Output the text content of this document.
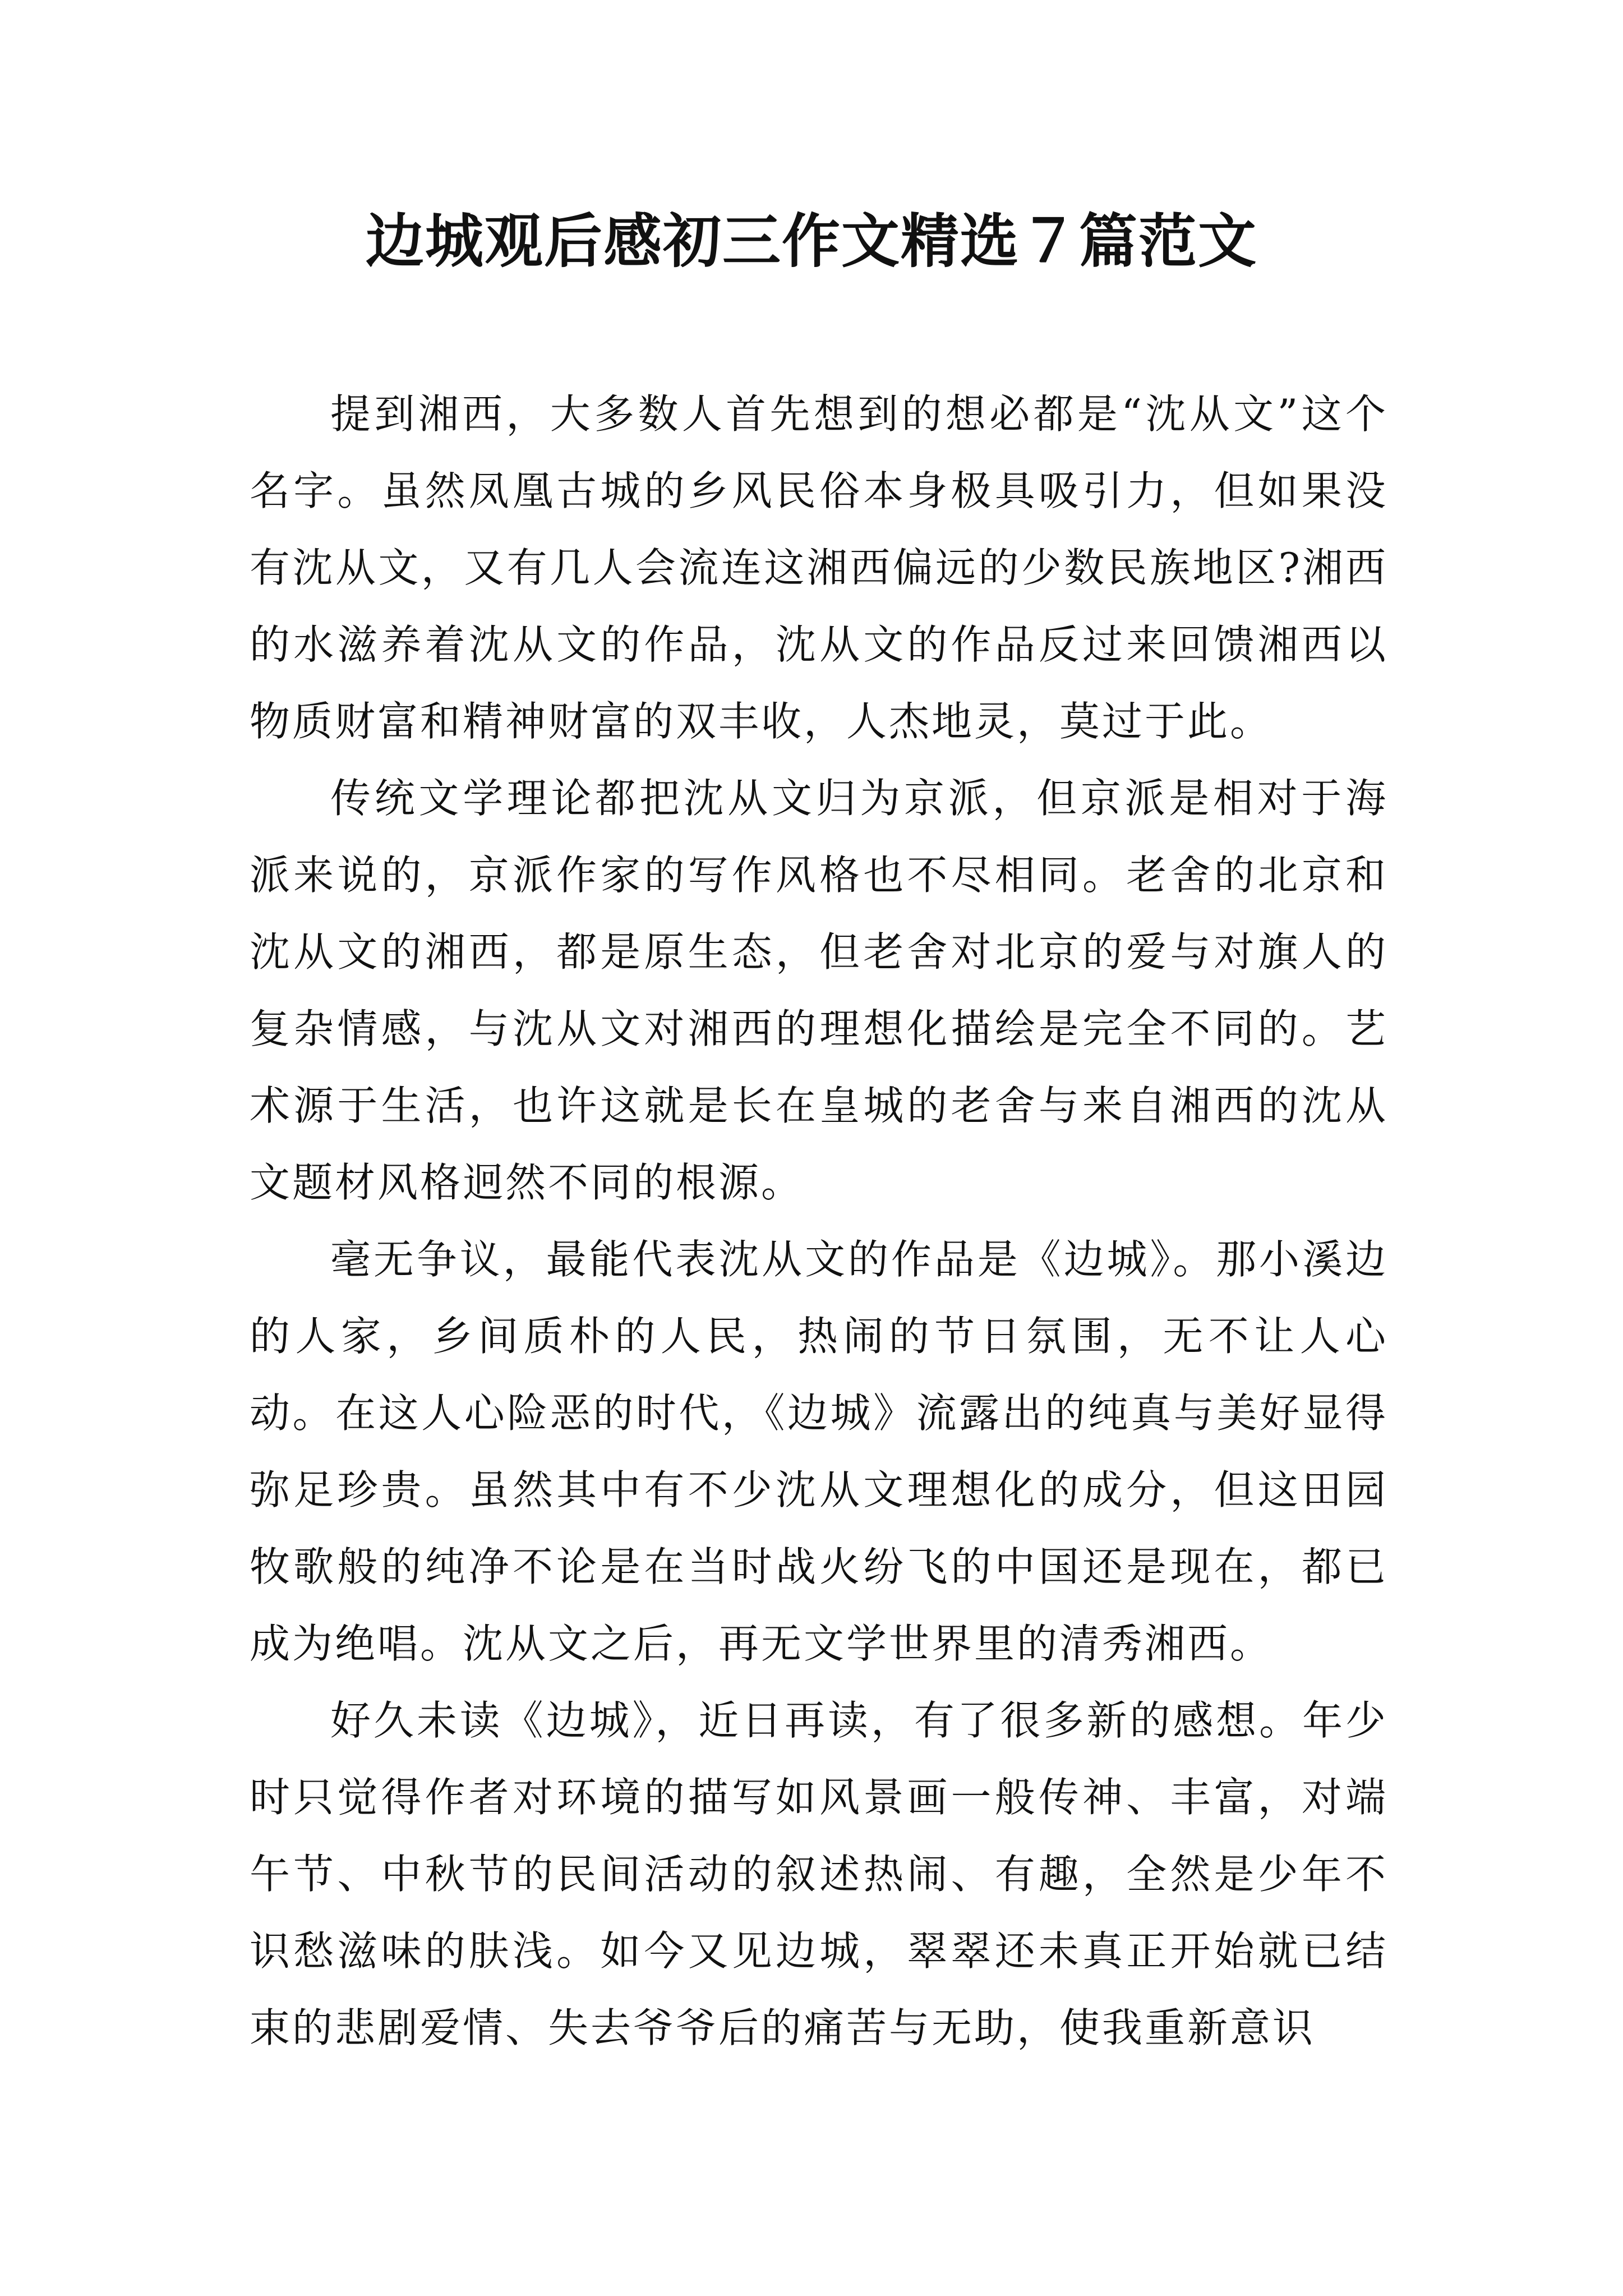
边城观后感初三作文精选７篇范文

提到湘西，大多数人首先想到的想必都是“沈从文”这个名字。虽然凤凰古城的乡风民俗本身极具吸引力，但如果没有沈从文，又有几人会流连这湘西偏远的少数民族地区?湘西的水滋养着沈从文的作品，沈从文的作品反过来回馈湘西以物质财富和精神财富的双丰收，人杰地灵，莫过于此。

传统文学理论都把沈从文归为京派，但京派是相对于海派来说的，京派作家的写作风格也不尽相同。老舍的北京和沈从文的湘西，都是原生态，但老舍对北京的爱与对旗人的复杂情感，与沈从文对湘西的理想化描绘是完全不同的。艺术源于生活，也许这就是长在皇城的老舍与来自湘西的沈从文题材风格迥然不同的根源。

毫无争议，最能代表沈从文的作品是《边城》。那小溪边的人家，乡间质朴的人民，热闹的节日氛围，无不让人心动。在这人心险恶的时代，《边城》流露出的纯真与美好显得弥足珍贵。虽然其中有不少沈从文理想化的成分，但这田园牧歌般的纯净不论是在当时战火纷飞的中国还是现在，都已成为绝唱。沈从文之后，再无文学世界里的清秀湘西。

好久未读《边城》，近日再读，有了很多新的感想。年少时只觉得作者对环境的描写如风景画一般传神、丰富，对端午节、中秋节的民间活动的叙述热闹、有趣，全然是少年不识愁滋味的肤浅。如今又见边城，翠翠还未真正开始就已结束的悲剧爱情、失去爷爷后的痛苦与无助，使我重新意识
